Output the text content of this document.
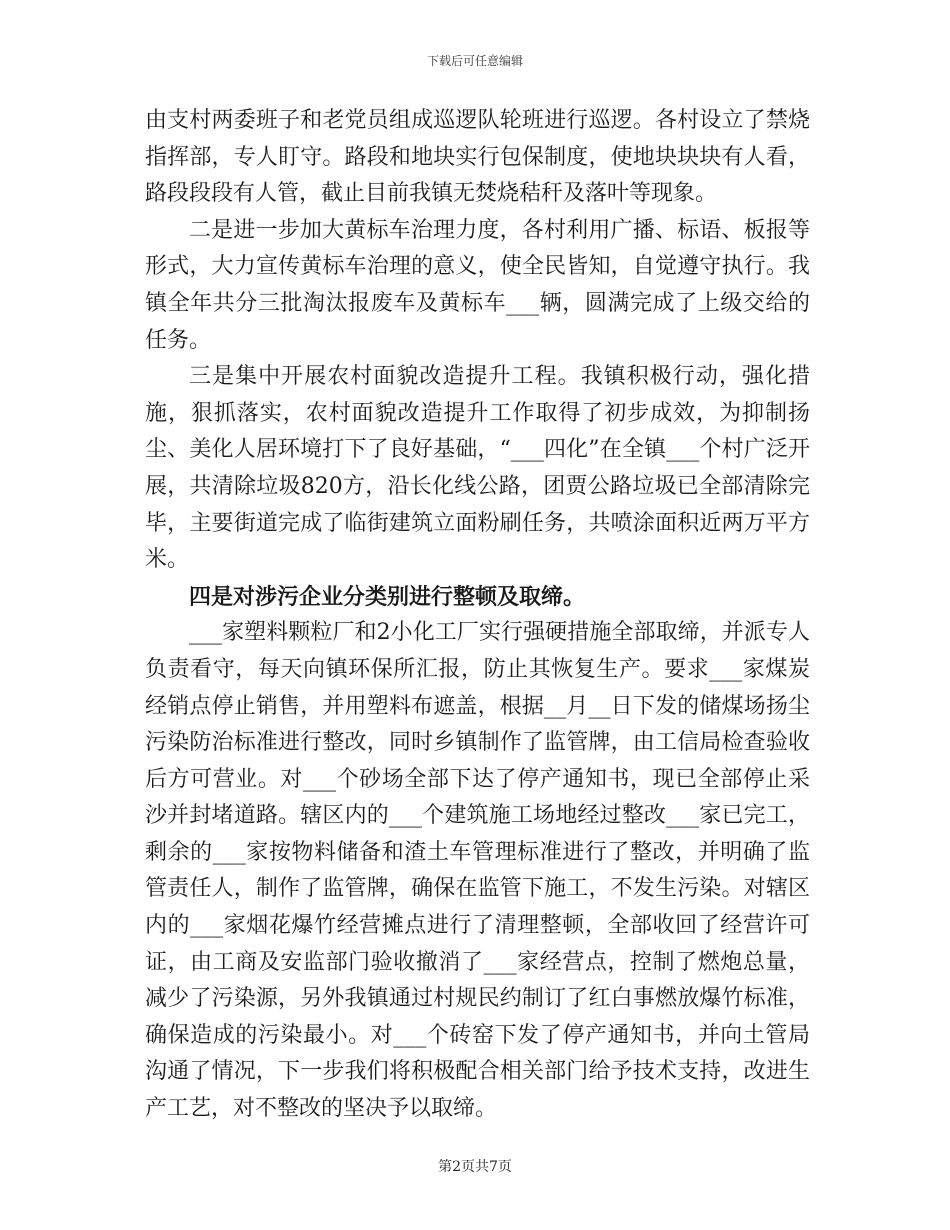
下载后可任意编辑

由支村两委班子和老党员组成巡逻队轮班进行巡逻。各村设立了禁烧指挥部，专人盯守。路段和地块实行包保制度，使地块块块有人看，路段段段有人管，截止目前我镇无焚烧秸秆及落叶等现象。

二是进一步加大黄标车治理力度，各村利用广播、标语、板报等形式，大力宣传黄标车治理的意义，使全民皆知，自觉遵守执行。我镇全年共分三批淘汰报废车及黄标车___辆，圆满完成了上级交给的任务。

三是集中开展农村面貌改造提升工程。我镇积极行动，强化措施，狠抓落实，农村面貌改造提升工作取得了初步成效，为抑制扬尘、美化人居环境打下了良好基础，“___四化”在全镇___个村广泛开展，共清除垃圾820方，沿长化线公路，团贾公路垃圾已全部清除完毕，主要街道完成了临街建筑立面粉刷任务，共喷涂面积近两万平方米。

四是对涉污企业分类别进行整顿及取缔。

___家塑料颗粒厂和2小化工厂实行强硬措施全部取缔，并派专人负责看守，每天向镇环保所汇报，防止其恢复生产。要求___家煤炭经销点停止销售，并用塑料布遮盖，根据__月__日下发的储煤场扬尘污染防治标准进行整改，同时乡镇制作了监管牌，由工信局检查验收后方可营业。对___个砂场全部下达了停产通知书，现已全部停止采沙并封堵道路。辖区内的___个建筑施工场地经过整改___家已完工，剩余的___家按物料储备和渣土车管理标准进行了整改，并明确了监管责任人，制作了监管牌，确保在监管下施工，不发生污染。对辖区内的___家烟花爆竹经营摊点进行了清理整顿，全部收回了经营许可证，由工商及安监部门验收撤消了___家经营点，控制了燃炮总量，减少了污染源，另外我镇通过村规民约制订了红白事燃放爆竹标准，确保造成的污染最小。对___个砖窑下发了停产通知书，并向土管局沟通了情况，下一步我们将积极配合相关部门给予技术支持，改进生产工艺，对不整改的坚决予以取缔。

第2页共7页
